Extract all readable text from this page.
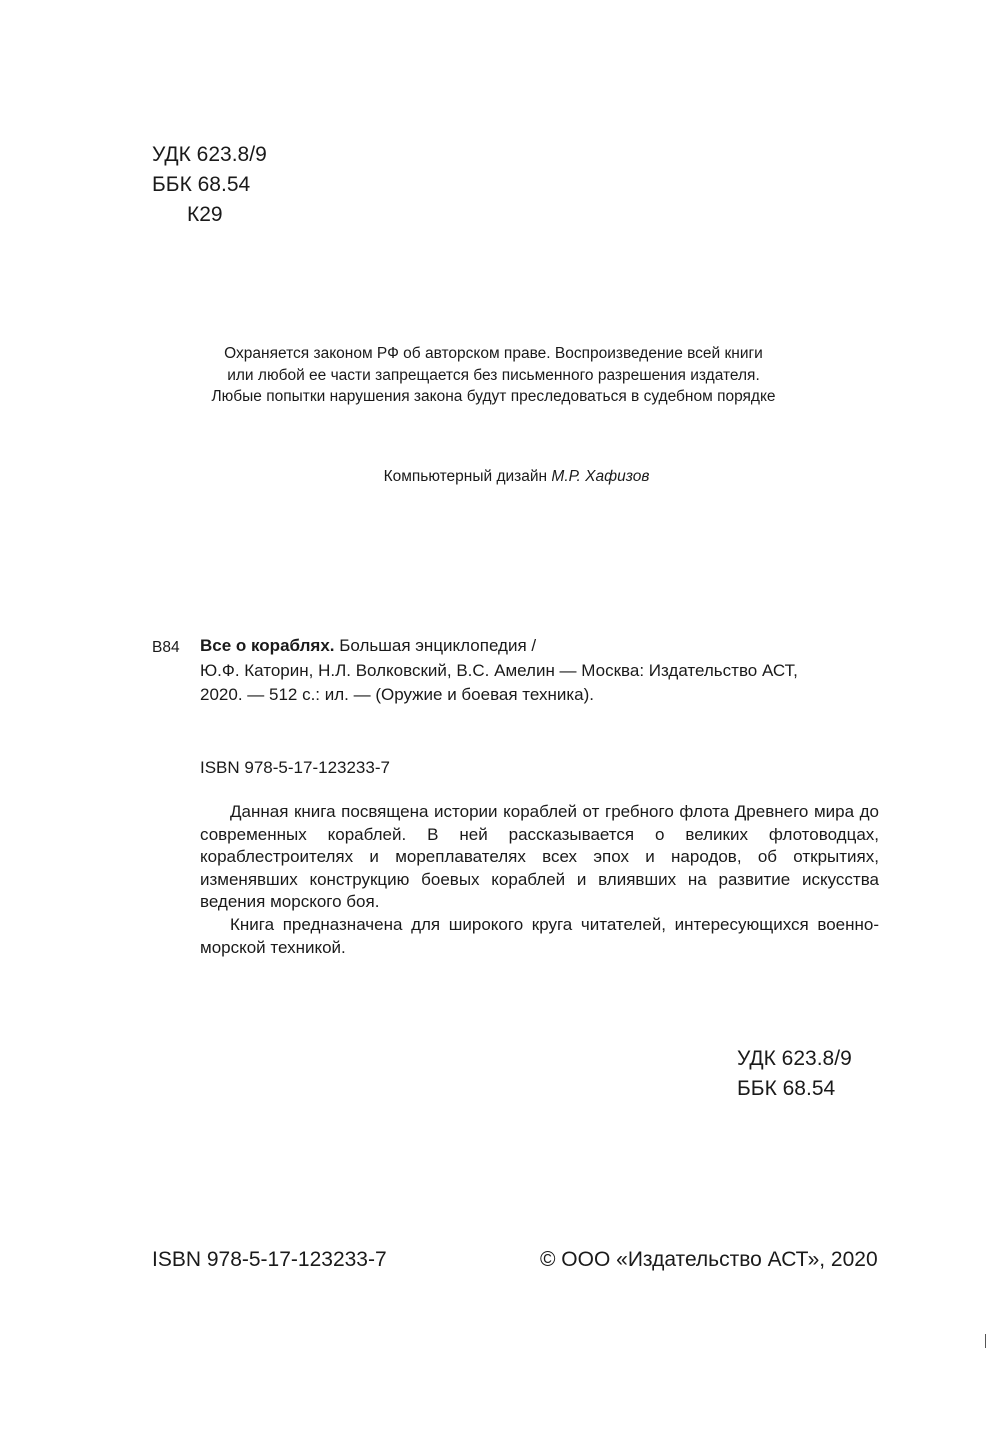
УДК 623.8/9
ББК 68.54
К29
Охраняется законом РФ об авторском праве. Воспроизведение всей книги
или любой ее части запрещается без письменного разрешения издателя.
Любые попытки нарушения закона будут преследоваться в судебном порядке
Компьютерный дизайн М.Р. Хафизов
В84 Все о кораблях. Большая энциклопедия /
Ю.Ф. Каторин, Н.Л. Волковский, В.С. Амелин — Москва: Издательство АСТ,
2020. — 512 с.: ил. — (Оружие и боевая техника).
ISBN 978-5-17-123233-7

Данная книга посвящена истории кораблей от гребного флота Древнего мира до современных кораблей. В ней рассказывается о великих флотоводцах, кораблестроителях и мореплавателях всех эпох и народов, об открытиях, изменявших конструкцию боевых кораблей и влиявших на развитие искусства ведения морского боя.

Книга предназначена для широкого круга читателей, интересующихся военно-морской техникой.

УДК 623.8/9
ББК 68.54
ISBN 978-5-17-123233-7	© ООО «Издательство АСТ», 2020
